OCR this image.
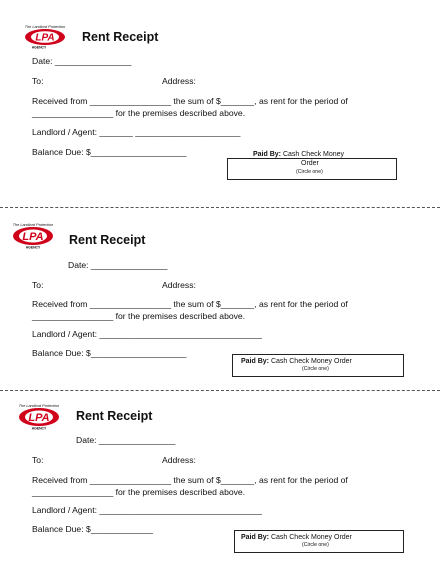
The Landlord Protection
LPA
AGENCY
Rent Receipt
Date: ________________
To:	Address:
Received from _________________ the sum of $_______, as rent for the period of
_________________ for the premises described above.
Landlord / Agent: _______ ______________________
Balance Due: $____________________	Paid By: Cash Check Money
Order
(Circle one)
The Landlord Protection
LPA
AGENCY
Rent Receipt
Date: ________________
To:	Address:
Received from _________________ the sum of $_______, as rent for the period of
_________________ for the premises described above.
Landlord / Agent: __________________________________
Balance Due: $____________________
Paid By: Cash Check Money Order
(Circle one)
The Landlord Protection
LPA
AGENCY
Rent Receipt
Date: ________________
To:	Address:
Received from _________________ the sum of $_______, as rent for the period of
_________________ for the premises described above.
Landlord / Agent: __________________________________
Balance Due: $_____________
Paid By: Cash Check Money Order
(Circle one)
